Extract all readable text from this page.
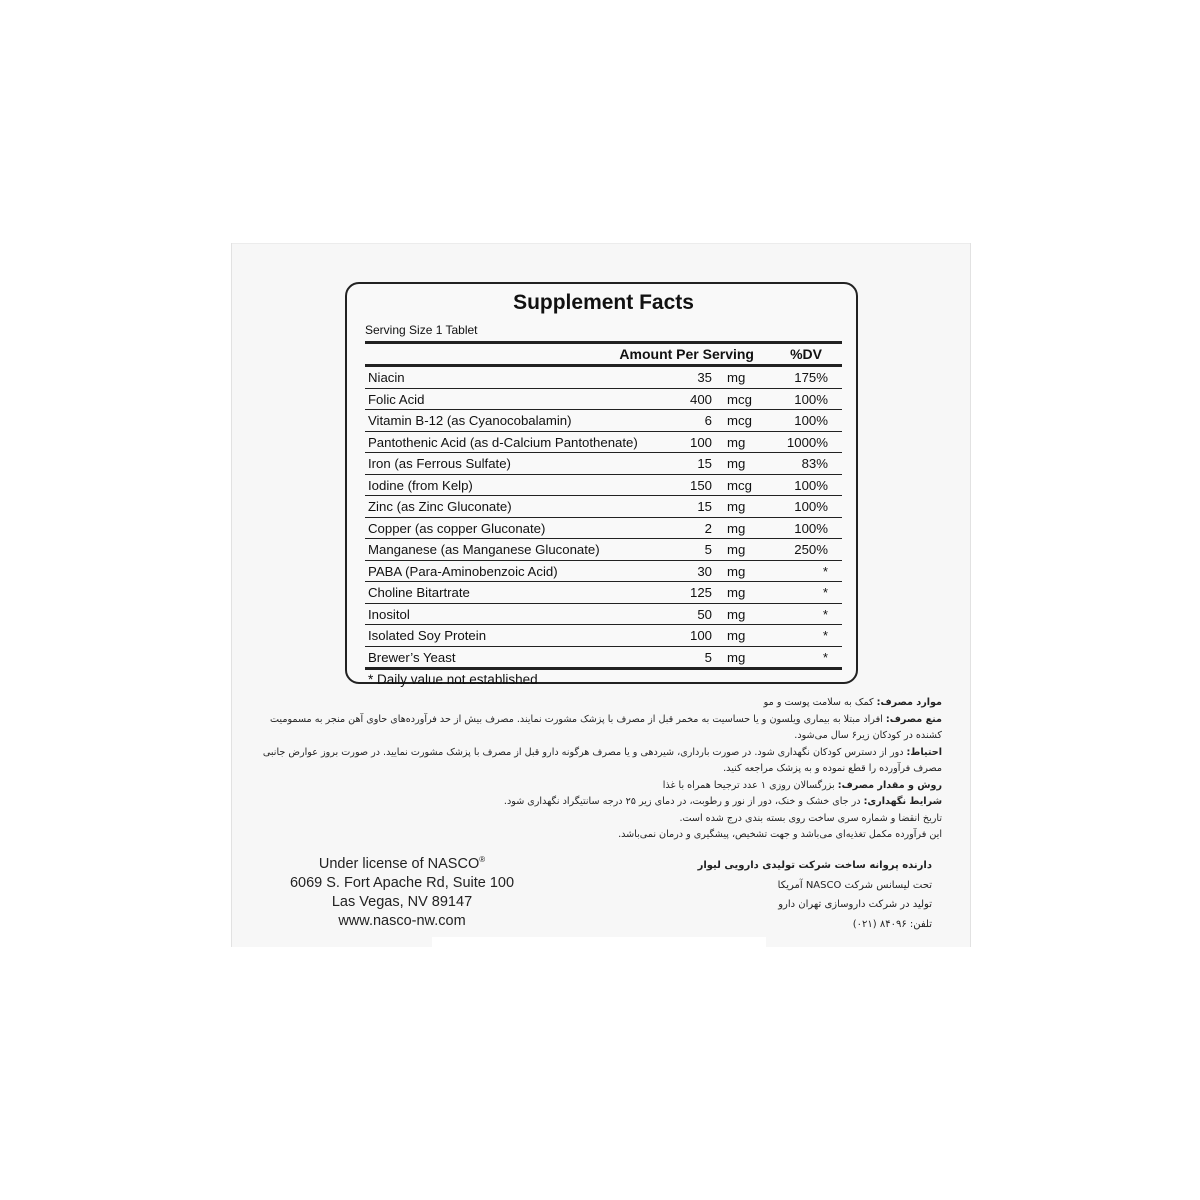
Supplement Facts

Serving Size 1 Tablet
Amount Per Serving	%DV
Niacin	35 mg	175%
Folic Acid	400 mcg	100%
Vitamin B-12 (as Cyanocobalamin)	6 mcg	100%
Pantothenic Acid (as d-Calcium Pantothenate)	100 mg	1000%
Iron (as Ferrous Sulfate)	15 mg	83%
Iodine (from Kelp)	150 mcg	100%
Zinc (as Zinc Gluconate)	15 mg	100%
Copper (as copper Gluconate)	2 mg	100%
Manganese (as Manganese Gluconate)	5 mg	250%
PABA (Para-Aminobenzoic Acid)	30 mg	*
Choline Bitartrate	125 mg	*
Inositol	50 mg	*
Isolated Soy Protein	100 mg	*
Brewer’s Yeast	5 mg	*
* Daily value not established

موارد مصرف: کمک به سلامت پوست و مو

منع مصرف: افراد مبتلا به بیماری ویلسون و یا حساسیت به مخمر قبل از مصرف با پزشک مشورت نمایند. مصرف بیش از حد فرآورده‌های حاوی آهن منجر به مسمومیت کشنده در کودکان زیر۶ سال می‌شود.

احتیاط: دور از دسترس کودکان نگهداری شود. در صورت بارداری، شیردهی و یا مصرف هرگونه دارو قبل از مصرف با پزشک مشورت نمایید. در صورت بروز عوارض جانبی مصرف فرآورده را قطع نموده و به پزشک مراجعه کنید.

روش و مقدار مصرف: بزرگسالان روزی ۱ عدد ترجیحا همراه با غذا

شرایط نگهداری: در جای خشک و خنک، دور از نور و رطوبت، در دمای زیر ۲۵ درجه سانتیگراد نگهداری شود.

تاریخ انقضا و شماره سری ساخت روی بسته بندی درج شده است.

این فرآورده مکمل تغذیه‌ای می‌باشد و جهت تشخیص، پیشگیری و درمان نمی‌باشد.

Under license of NASCO®
6069 S. Fort Apache Rd, Suite 100
Las Vegas, NV 89147
www.nasco-nw.com

دارنده پروانه ساخت شرکت تولیدی دارویی لیوار

تحت لیسانس شرکت NASCO آمریکا

تولید در شرکت داروسازی تهران دارو

تلفن: ۸۴۰۹۶ (۰۲۱)
